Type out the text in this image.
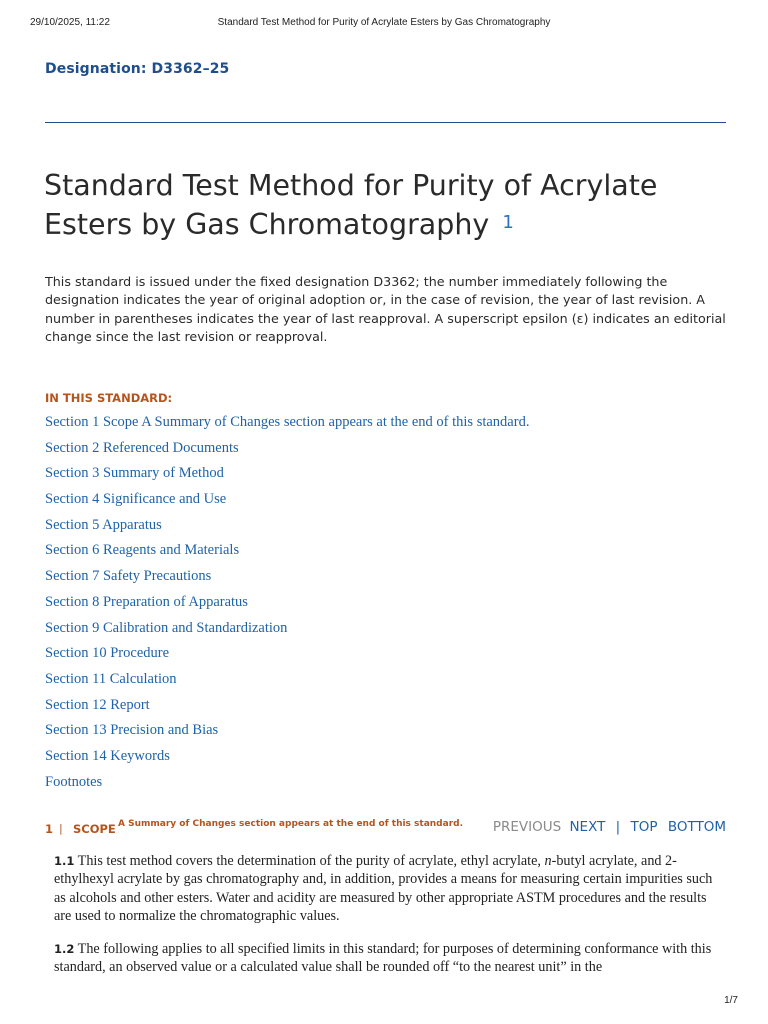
29/10/2025, 11:22	Standard Test Method for Purity of Acrylate Esters by Gas Chromatography
Designation: D3362–25
Standard Test Method for Purity of Acrylate Esters by Gas Chromatography $^1$

This standard is issued under the fixed designation D3362; the number immediately following the designation indicates the year of original adoption or, in the case of revision, the year of last revision. A number in parentheses indicates the year of last reapproval. A superscript epsilon (ε) indicates an editorial change since the last revision or reapproval.

IN THIS STANDARD:
Section 1 Scope A Summary of Changes section appears at the end of this standard.
Section 2 Referenced Documents
Section 3 Summary of Method
Section 4 Significance and Use
Section 5 Apparatus
Section 6 Reagents and Materials
Section 7 Safety Precautions
Section 8 Preparation of Apparatus
Section 9 Calibration and Standardization
Section 10 Procedure
Section 11 Calculation
Section 12 Report
Section 13 Precision and Bias
Section 14 Keywords
Footnotes
1 | SCOPE A Summary of Changes section appears at the end of this standard. PREVIOUS NEXT | TOP BOTTOM

1.1 This test method covers the determination of the purity of acrylate, ethyl acrylate, n-butyl acrylate, and 2-ethylhexyl acrylate by gas chromatography and, in addition, provides a means for measuring certain impurities such as alcohols and other esters. Water and acidity are measured by other appropriate ASTM procedures and the results are used to normalize the chromatographic values.

1.2 The following applies to all specified limits in this standard; for purposes of determining conformance with this standard, an observed value or a calculated value shall be rounded off “to the nearest unit” in the

1/7
